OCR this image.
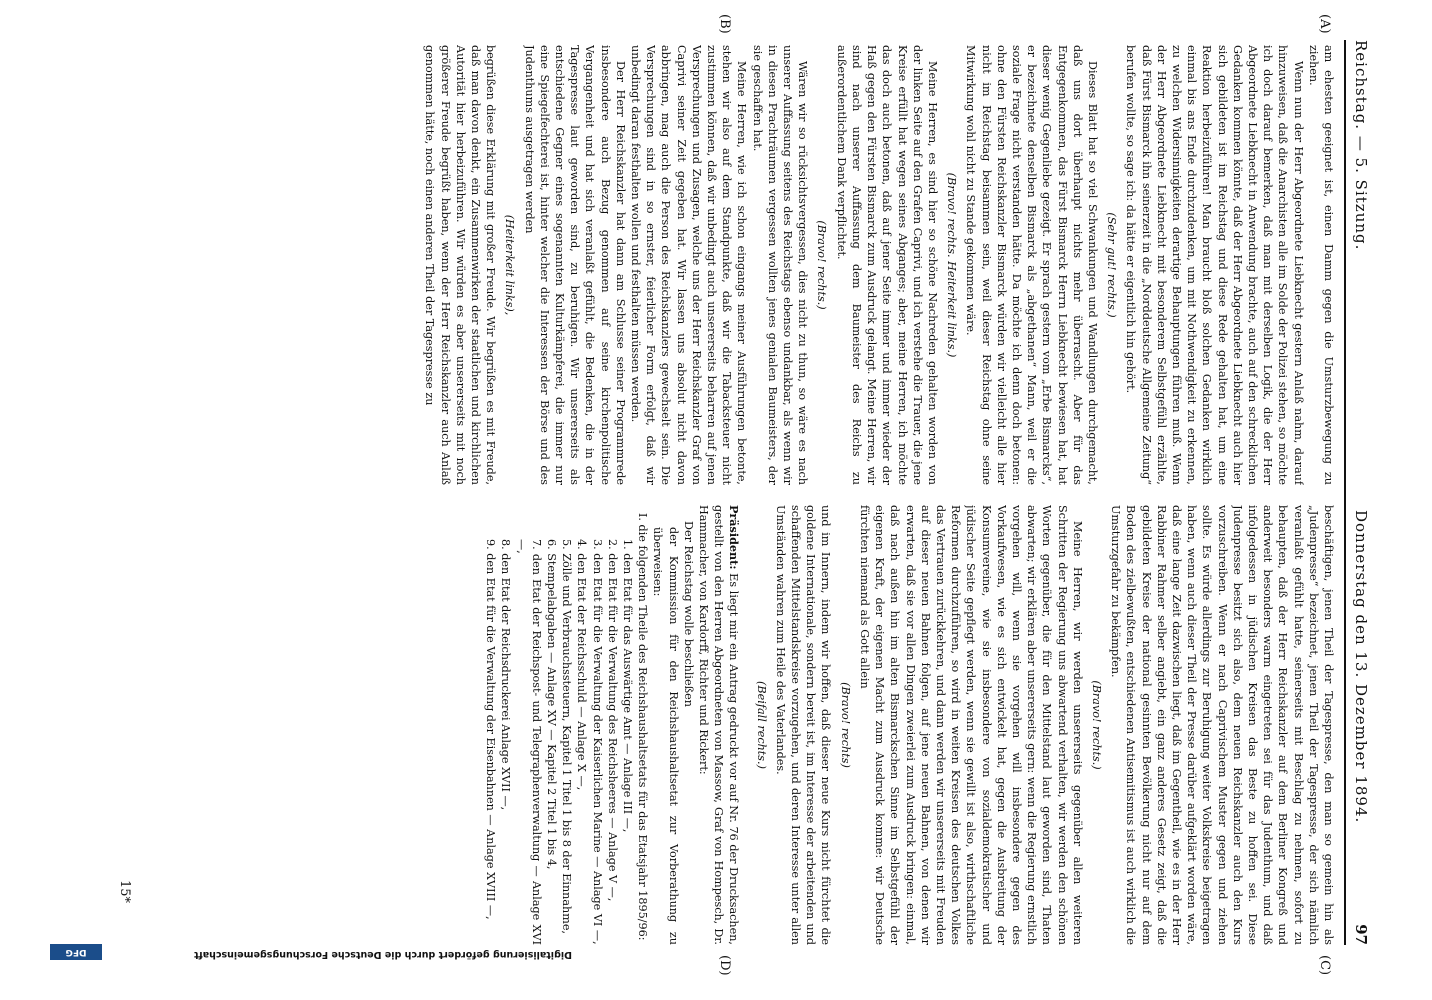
Reichstag. — 5. Sitzung.
Donnerstag den 13. Dezember 1894.
97
(A)
(B)
(C)
(D)

am ehesten geeignet ist, einen Damm gegen die Umsturzbewegung zu ziehen.

Wenn nun der Herr Abgeordnete Liebknecht gestern Anlaß nahm, darauf hinzuweisen, daß die Anarchisten alle im Solde der Polizei stehen, so möchte ich doch darauf bemerken, daß man mit derselben Logik, die der Herr Abgeordnete Liebknecht in Anwendung brachte, auch auf den schrecklichen Gedanken kommen könnte, daß der Herr Abgeordnete Liebknecht auch hier sich gebildeten ist im Reichstag und diese Rede gehalten hat, um eine Reaktion herbeizuführen! Man braucht bloß solchen Gedanken wirklich einmal bis ans Ende durchzudenken, um mit Nothwendigkeit zu erkennen, zu welchen Widersinnigkeiten derartige Behauptungen führen muß. Wenn der Herr Abgeordnete Liebknecht mit besonderem Selbstgefühl erzählte, daß Fürst Bismarck ihn seinerzeit in die „Norddeutsche Allgemeine Zeitung“ berufen wollte, so sage ich: da hätte er eigentlich hin gehört.

(Sehr gut! rechts.)

Dieses Blatt hat so viel Schwankungen und Wandlungen durchgemacht, daß uns dort überhaupt nichts mehr überrascht. Aber für das Entgegenkommen, das Fürst Bismarck Herrn Liebknecht bewiesen hat, hat dieser wenig Gegenliebe gezeigt. Er sprach gestern vom „Erbe Bismarcks“, er bezeichnete denselben Bismarck als „abgethanen“ Mann, weil er die soziale Frage nicht verstanden hätte. Da möchte ich denn doch betonen: ohne den Fürsten Reichskanzler Bismarck würden wir vielleicht alle hier nicht im Reichstag beisammen sein, weil dieser Reichstag ohne seine Mitwirkung wohl nicht zu Stande gekommen wäre.

(Bravo! rechts. Heiterkeit links.)

Meine Herren, es sind hier so schöne Nachreden gehalten worden von der linken Seite auf den Grafen Caprivi, und ich verstehe die Trauer, die jene Kreise erfüllt hat wegen seines Abganges; aber, meine Herren, ich möchte das doch auch betonen, daß auf jener Seite immer und immer wieder der Haß gegen den Fürsten Bismarck zum Ausdruck gelangt. Meine Herren, wir sind nach unserer Auffassung dem Baumeister des Reichs zu außerordentlichem Dank verpflichtet.

(Bravo! rechts.)

Wären wir so rücksichtsvergessen, dies nicht zu thun, so wäre es nach unserer Auffassung seitens des Reichstags ebenso undankbar, als wenn wir in diesen Prachträumen vergessen wollten jenes genialen Baumeisters, der sie geschaffen hat.

Meine Herren, wie ich schon eingangs meiner Ausführungen betonte, stehen wir also auf dem Standpunkte, daß wir die Tabacksteuer nicht zustimmen können, daß wir unbedingt auch unsererseits beharren auf jenen Versprechungen und Zusagen, welche uns der Herr Reichskanzler Graf von Caprivi seiner Zeit gegeben hat. Wir lassen uns absolut nicht davon abbringen, mag auch die Person des Reichskanzlers gewechselt sein. Die Versprechungen sind in so ernster, feierlicher Form erfolgt, daß wir unbedingt daran festhalten wollen und festhalten müssen werden.

Der Herr Reichskanzler hat dann am Schlusse seiner Programmrede insbesondere auch Bezug genommen auf seine kirchenpolitische Vergangenheit und hat sich veranlaßt gefühlt, die Bedenken, die in der Tagespresse laut geworden sind, zu beruhigen. Wir unsererseits als entschiedene Gegner eines sogenannten Kulturkämpferei, die immer nur eine Spiegelfechterei ist, hinter welcher die Interessen der Börse und des Judenthums ausgetragen werden

(Heiterkeit links),

begrüßen diese Erklärung mit großer Freude. Wir begrüßen es mit Freude, daß man davon denkt, ein Zusammenwirken der staatlichen und kirchlichen Autorität hier herbeizuführen. Wir würden es aber unsererseits mit noch größerer Freude begrüßt haben, wenn der Herr Reichskanzler auch Anlaß genommen hätte, noch einen anderen Theil der Tagespresse zu

beschäftigen, jenen Theil der Tagespresse, den man so gemein hin als „Judenpresse“ bezeichnet, jenen Theil der Tagespresse, der sich nämlich veranlaßt gefühlt hatte, seinerseits mit Beschlag zu nehmen, sofort zu behaupten, daß der Herr Reichskanzler auf dem Berliner Kongreß und anderweit besonders warm eingetreten sei für das Judenthum, und daß infolgedessen in jüdischen Kreisen das Beste zu hoffen sei. Diese Judenpresse besitzt sich also, dem neuen Reichskanzler auch den Kurs vorzuschreiben. Wenn er nach Caprivischem Muster gegen und ziehen sollte. Es würde allerdings zur Beruhigung weiter Volkskreise beigetragen haben, wenn auch dieser Theil der Presse darüber aufgeklärt worden wäre, daß eine lange Zeit dazwischen liegt, daß im Gegentheil, wie es in der Herr Rabbiner Rahmer selber angiebt, ein ganz anderes Gesetz zeigt, daß die gebildeten Kreise der national gesinnten Bevölkerung nicht nur auf dem Boden des zielbewußten, entschiedenen Antisemitismus ist auch wirklich die Umsturzgefahr zu bekämpfen.

(Bravo! rechts.)

Meine Herren, wir werden unsererseits gegenüber allen weiteren Schritten der Regierung uns abwartend verhalten, wir werden den schönen Worten gegenüber, die für den Mittelstand laut geworden sind, Thaten abwarten; wir erklären aber unsererseits gern: wenn die Regierung ernstlich vorgehen will, wenn sie vorgehen will insbesondere gegen des Vorkaufwesen, wie es sich entwickelt hat, gegen die Ausbreitung der Konsumvereine, wie sie insbesondere von sozialdemokratischer und jüdischer Seite gepflegt werden, wenn sie gewillt ist also, wirthschaftliche Reformen durchzuführen, so wird in weiten Kreisen des deutschen Volkes das Vertrauen zurückkehren, und dann werden wir unsererseits mit Freuden auf dieser neuen Bahnen folgen, auf jene neuen Bahnen, von denen wir erwarten, daß sie vor allen Dingen zweierlei zum Ausdruck bringen: einmal, daß nach außen hin im alten Bismarckschen Sinne im Selbstgefühl der eigenen Kraft, der eigenen Macht zum Ausdruck komme: wir Deutsche fürchten niemand als Gott allein

(Bravo! rechts)

und im Innern, indem wir hoffen, daß dieser neue Kurs nicht fürchtet die goldene Internationale, sondern bereit ist, im Interesse der arbeitenden und schaffenden Mittelstandskreise vorzugehen, und deren Interesse unter allen Umständen wahren zum Heile des Vaterlandes.

(Beifall rechts.)

Präsident: Es liegt mir ein Antrag gedruckt vor auf Nr. 76 der Drucksachen, gestellt von den Herren Abgeordneten von Massow, Graf von Hompesch, Dr. Hammacher, von Kardorff, Richter und Rickert:

Der Reichstag wolle beschließen

der Kommission für den Reichshaushaltsetat zur Vorberathung zu überweisen:

I. die folgenden Theile des Reichshaushaltsetats für das Etatsjahr 1895/96:

1. den Etat für das Auswärtige Amt — Anlage III —,

2. den Etat für die Verwaltung des Reichsheeres — Anlage V —,

3. den Etat für die Verwaltung der Kaiserlichen Marine — Anlage VI —,

4. den Etat der Reichsschuld — Anlage X —,

5. Zölle und Verbrauchssteuern, Kapitel 1 Titel 1 bis 8 der Einnahme,

6. Stempelabgaben — Anlage XV — Kapitel 2 Titel 1 bis 4,

7. den Etat der Reichspost- und Telegraphenverwaltung — Anlage XVI —,

8. den Etat der Reichsdruckerei Anlage XVII —,

9. den Etat für die Verwaltung der Eisenbahnen — Anlage XVIII —,

15*
Digitalisierung gefördert durch die Deutsche Forschungsgemeinschaft
DFG
